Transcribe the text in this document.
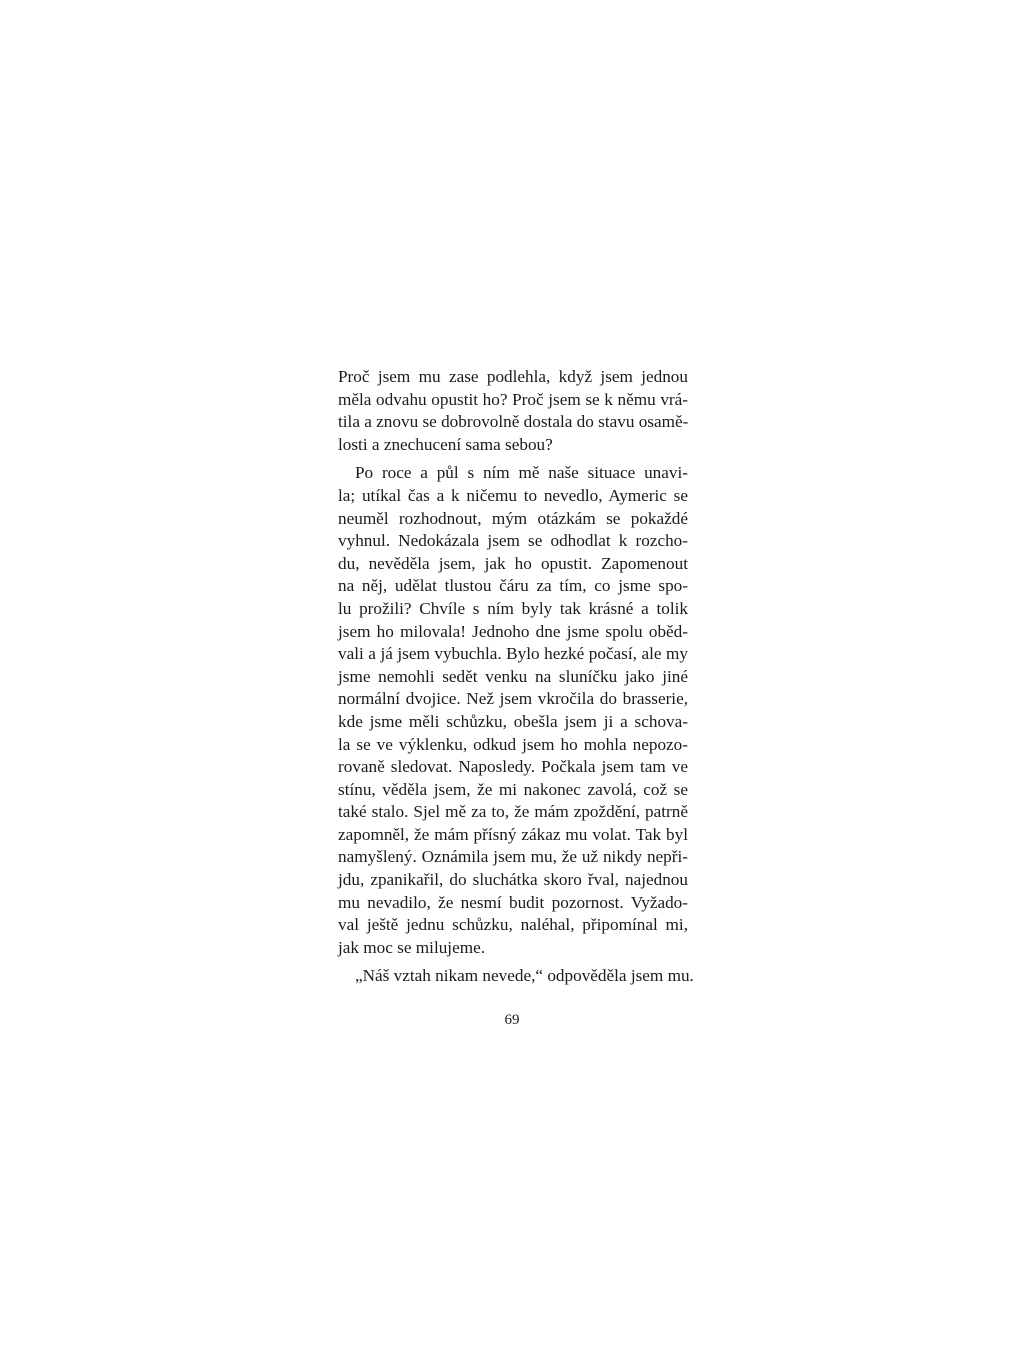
Proč jsem mu zase podlehla, když jsem jednou
měla odvahu opustit ho? Proč jsem se k němu vrá-
tila a znovu se dobrovolně dostala do stavu osamě-
losti a znechucení sama sebou?
Po roce a půl s ním mě naše situace unavi-
la; utíkal čas a k ničemu to nevedlo, Aymeric se
neuměl rozhodnout, mým otázkám se pokaždé
vyhnul. Nedokázala jsem se odhodlat k rozcho-
du, nevěděla jsem, jak ho opustit. Zapomenout
na něj, udělat tlustou čáru za tím, co jsme spo-
lu prožili? Chvíle s ním byly tak krásné a tolik
jsem ho milovala! Jednoho dne jsme spolu oběd-
vali a já jsem vybuchla. Bylo hezké počasí, ale my
jsme nemohli sedět venku na sluníčku jako jiné
normální dvojice. Než jsem vkročila do brasserie,
kde jsme měli schůzku, obešla jsem ji a schova-
la se ve výklenku, odkud jsem ho mohla nepozo-
rovaně sledovat. Naposledy. Počkala jsem tam ve
stínu, věděla jsem, že mi nakonec zavolá, což se
také stalo. Sjel mě za to, že mám zpoždění, patrně
zapomněl, že mám přísný zákaz mu volat. Tak byl
namyšlený. Oznámila jsem mu, že už nikdy nepři-
jdu, zpanikařil, do sluchátka skoro řval, najednou
mu nevadilo, že nesmí budit pozornost. Vyžado-
val ještě jednu schůzku, naléhal, připomínal mi,
jak moc se milujeme.
„Náš vztah nikam nevede,“ odpověděla jsem mu.
69
